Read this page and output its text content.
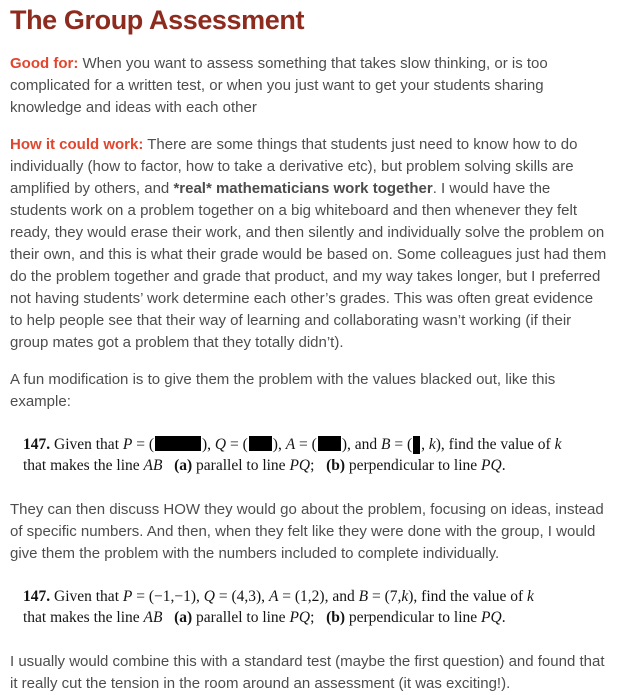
The Group Assessment

Good for: When you want to assess something that takes slow thinking, or is too complicated for a written test, or when you just want to get your students sharing knowledge and ideas with each other

How it could work: There are some things that students just need to know how to do individually (how to factor, how to take a derivative etc), but problem solving skills are amplified by others, and *real* mathematicians work together. I would have the students work on a problem together on a big whiteboard and then whenever they felt ready, they would erase their work, and then silently and individually solve the problem on their own, and this is what their grade would be based on. Some colleagues just had them do the problem together and grade that product, and my way takes longer, but I preferred not having students’ work determine each other’s grades. This was often great evidence to help people see that their way of learning and collaborating wasn’t working (if their group mates got a problem that they totally didn’t).

A fun modification is to give them the problem with the values blacked out, like this example:

147. Given that P = (	), Q = ( ), A = ( ), and B = ( , k), find the value of k
that makes the line AB (a) parallel to line PQ;   (b) perpendicular to line PQ.

They can then discuss HOW they would go about the problem, focusing on ideas, instead of specific numbers. And then, when they felt like they were done with the group, I would give them the problem with the numbers included to complete individually.

147. Given that P = (−1,−1), Q = (4,3), A = (1,2), and B = (7,k), find the value of k
that makes the line AB (a) parallel to line PQ;   (b) perpendicular to line PQ.

I usually would combine this with a standard test (maybe the first question) and found that it really cut the tension in the room around an assessment (it was exciting!).
